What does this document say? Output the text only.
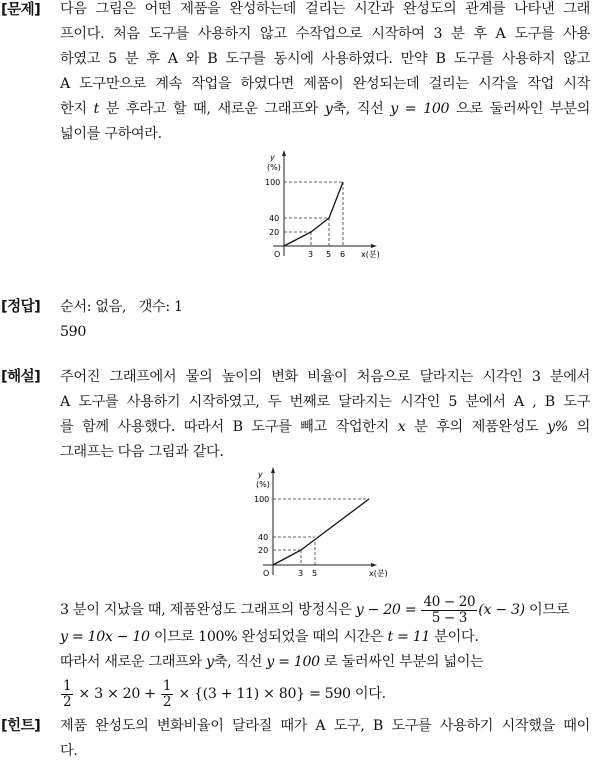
[문제] 다음 그림은 어떤 제품을 완성하는데 걸리는 시간과 완성도의 관계를 나타낸 그래
프이다. 처음 도구를 사용하지 않고 수작업으로 시작하여 3 분 후 A 도구를 사용
하였고 5 분 후 A 와 B 도구를 동시에 사용하였다. 만약 B 도구를 사용하지 않고
A 도구만으로 계속 작업을 하였다면 제품이 완성되는데 걸리는 시각을 작업 시작
한지 t 분 후라고 할 때, 새로운 그래프와 y축, 직선 y = 100 으로 둘러싸인 부분의
넓이를 구하여라.
y
(%)
100
40
20
O	3 5 6 x(분)
[정답] 순서: 없음,   갯수: 1
590
[해설] 주어진 그래프에서 물의 높이의 변화 비율이 처음으로 달라지는 시각인 3 분에서
A 도구를 사용하기 시작하였고, 두 번째로 달라지는 시각인 5 분에서 A , B 도구
를 함께 사용했다. 따라서 B 도구를 빼고 작업한지 x 분 후의 제품완성도 y% 의
그래프는 다음 그림과 같다.
y
(%)
100
40
20
O	3 5	x(분)
3 분이 지났을 때, 제품완성도 그래프의 방정식은 $y - 20 = \frac{40 - 20}{5 - 3} (x - 3)$ 이므로
y = 10x − 10 이므로 100% 완성되었을 때의 시간은 t = 11 분이다.
따라서 새로운 그래프와 y축, 직선 y = 100 로 둘러싸인 부분의 넓이는
$\frac{1}{2} \times 3 \times 20 + \frac{1}{2} \times \{(3 + 11) \times 80\} = 590$ 이다.
[힌트] 제품 완성도의 변화비율이 달라질 때가 A 도구, B 도구를 사용하기 시작했을 때이
다.
